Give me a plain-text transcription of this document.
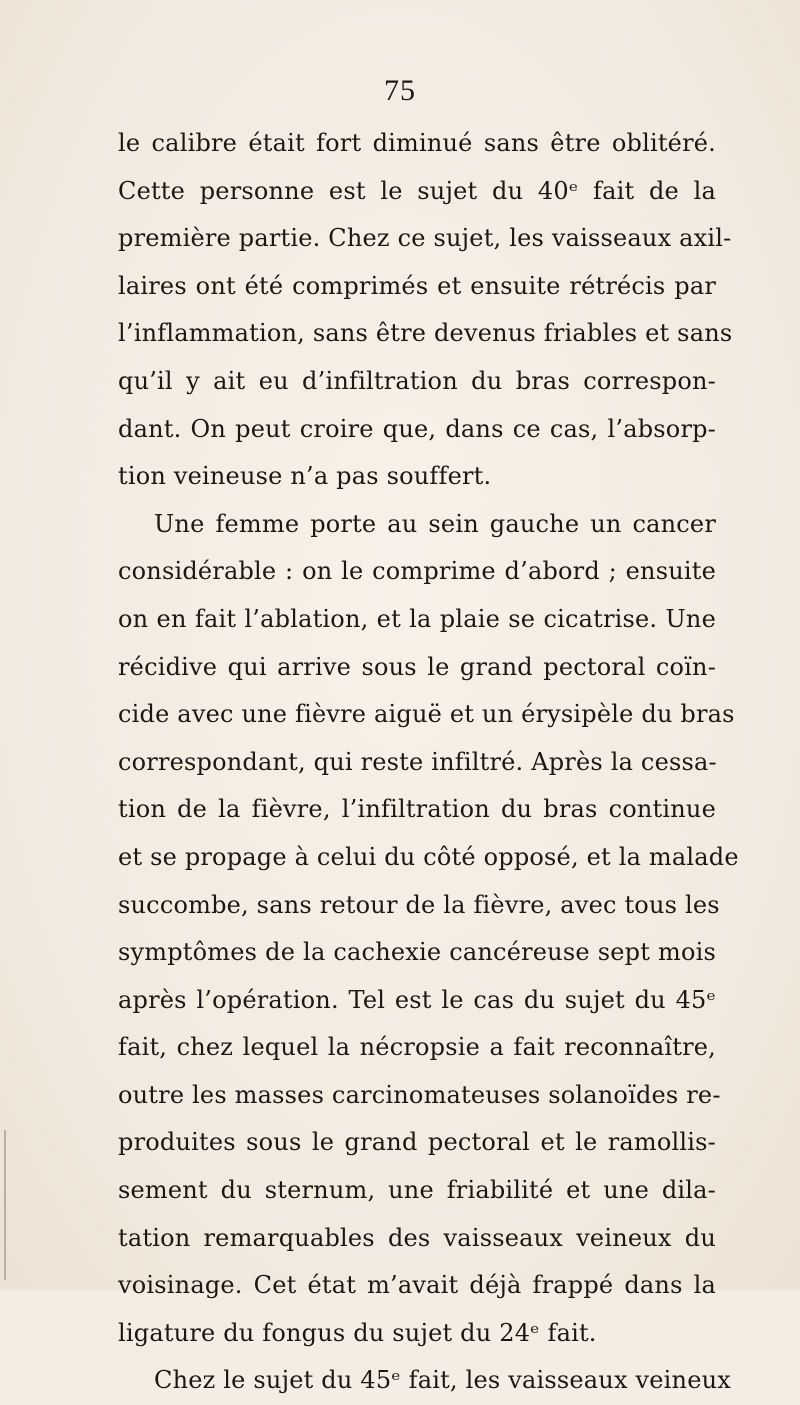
75
le calibre était fort diminué sans être oblitéré.
Cette personne est le sujet du 40ᵉ fait de la
première partie. Chez ce sujet, les vaisseaux axil-
laires ont été comprimés et ensuite rétrécis par
l’inflammation, sans être devenus friables et sans
qu’il y ait eu d’infiltration du bras correspon-
dant. On peut croire que, dans ce cas, l’absorp-
tion veineuse n’a pas souffert.
Une femme porte au sein gauche un cancer
considérable : on le comprime d’abord ; ensuite
on en fait l’ablation, et la plaie se cicatrise. Une
récidive qui arrive sous le grand pectoral coïn-
cide avec une fièvre aiguë et un érysipèle du bras
correspondant, qui reste infiltré. Après la cessa-
tion de la fièvre, l’infiltration du bras continue
et se propage à celui du côté opposé, et la malade
succombe, sans retour de la fièvre, avec tous les
symptômes de la cachexie cancéreuse sept mois
après l’opération. Tel est le cas du sujet du 45ᵉ
fait, chez lequel la nécropsie a fait reconnaître,
outre les masses carcinomateuses solanoïdes re-
produites sous le grand pectoral et le ramollis-
sement du sternum, une friabilité et une dila-
tation remarquables des vaisseaux veineux du
voisinage. Cet état m’avait déjà frappé dans la
ligature du fongus du sujet du 24ᵉ fait.
Chez le sujet du 45ᵉ fait, les vaisseaux veineux
